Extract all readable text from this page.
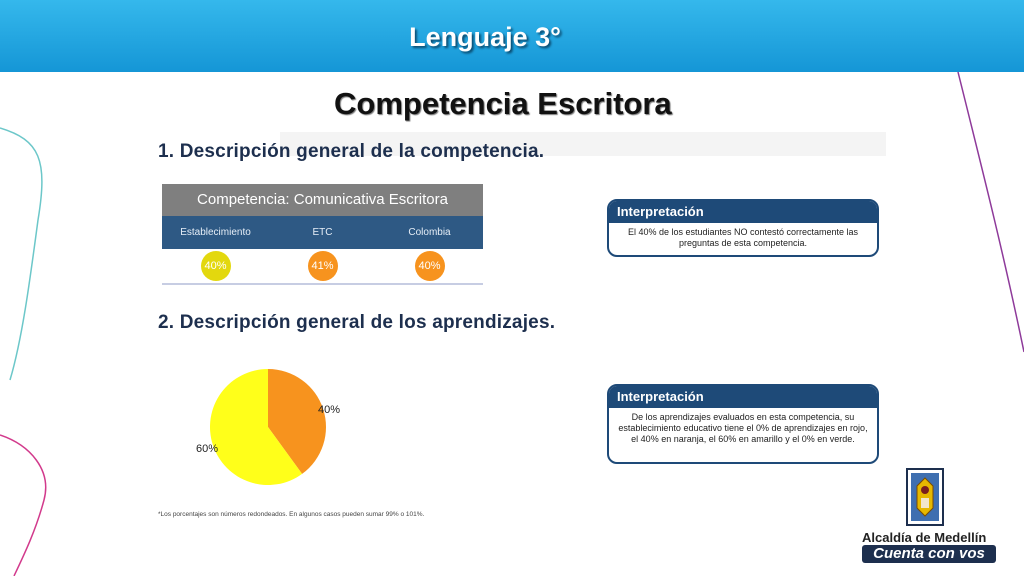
Lenguaje 3°
Competencia Escritora
1. Descripción general de la competencia.
Competencia: Comunicativa Escritora
Establecimiento	ETC	Colombia
40%	41%	40%
Interpretación
El 40% de los estudiantes NO contestó correctamente las preguntas de esta competencia.
2. Descripción general de los aprendizajes.
40%
60%
Interpretación
De los aprendizajes evaluados en esta competencia, su establecimiento educativo tiene el 0% de aprendizajes en rojo, el 40% en naranja, el 60% en amarillo y el 0% en verde.
*Los porcentajes son números redondeados. En algunos casos pueden sumar 99% o 101%.
Alcaldía de Medellín
Cuenta con vos
